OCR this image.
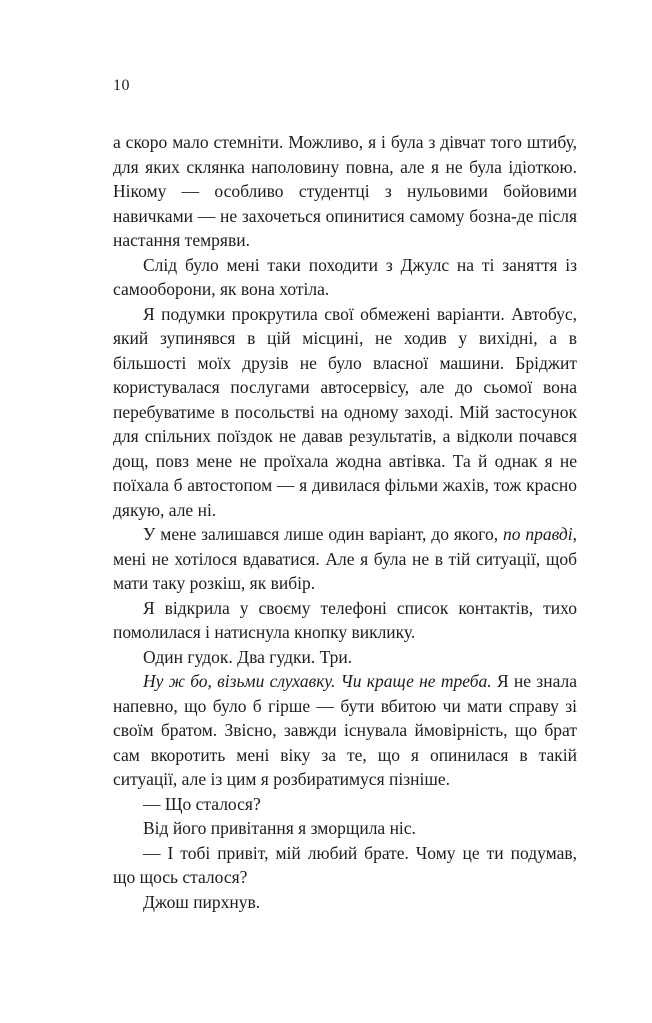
10

а скоро мало стемніти. Можливо, я і була з дівчат того штибу, для яких склянка наполовину повна, але я не була ідіоткою. Нікому — особливо студентці з нульовими бойовими навичками — не захочеться опинитися самому бозна-де після настання темряви.

Слід було мені таки походити з Джулс на ті заняття із самооборони, як вона хотіла.

Я подумки прокрутила свої обмежені варіанти. Автобус, який зупинявся в цій місцині, не ходив у вихідні, а в більшості моїх друзів не було власної машини. Бріджит користувалася послугами автосервісу, але до сьомої вона перебуватиме в посольстві на одному заході. Мій застосунок для спільних поїздок не давав результатів, а відколи почався дощ, повз мене не проїхала жодна автівка. Та й однак я не поїхала б автостопом — я дивилася фільми жахів, тож красно дякую, але ні.

У мене залишався лише один варіант, до якого, по правді, мені не хотілося вдаватися. Але я була не в тій ситуації, щоб мати таку розкіш, як вибір.

Я відкрила у своєму телефоні список контактів, тихо помолилася і натиснула кнопку виклику.

Один гудок. Два гудки. Три.

Ну ж бо, візьми слухавку. Чи краще не треба. Я не знала напевно, що було б гірше — бути вбитою чи мати справу зі своїм братом. Звісно, завжди існувала ймовірність, що брат сам вкоротить мені віку за те, що я опинилася в такій ситуації, але із цим я розбиратимуся пізніше.

— Що сталося?

Від його привітання я зморщила ніс.

— І тобі привіт, мій любий брате. Чому це ти подумав, що щось сталося?

Джош пирхнув.
